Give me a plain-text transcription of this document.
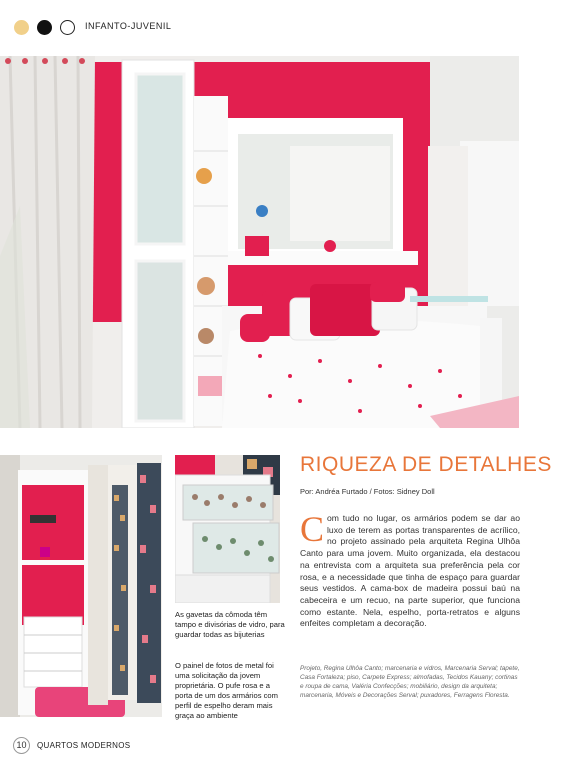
INFANTO-JUVENIL
As gavetas da cômoda têm tampo e divisórias de vidro, para guardar todas as bijuterias
O painel de fotos de metal foi uma solicitação da jovem proprietária. O pufe rosa e a porta de um dos armários com perfil de espelho deram mais graça ao ambiente
RIQUEZA DE DETALHES
Por: Andréa Furtado / Fotos: Sidney Doll
Com tudo no lugar, os armários podem se dar ao luxo de terem as portas transparentes de acrílico, no projeto assinado pela arquiteta Regina Ulhôa Canto para uma jovem. Muito organizada, ela destacou na entrevista com a arquiteta sua preferência pela cor rosa, e a necessidade que tinha de espaço para guardar seus vestidos. A cama-box de madeira possui baú na cabeceira e um recuo, na parte superior, que funciona como estante. Nela, espelho, porta-retratos e alguns enfeites completam a decoração.
Projeto, Regina Ulhôa Canto; marcenaria e vidros, Marcenaria Serval; tapete, Casa Fortaleza; piso, Carpete Express; almofadas, Tecidos Kauany; cortinas e roupa de cama, Valéria Confecções; mobiliário, design da arquiteta; marcenaria, Móveis e Decorações Serval; puxadores, Ferragens Floresta.
10	QUARTOS MODERNOS
